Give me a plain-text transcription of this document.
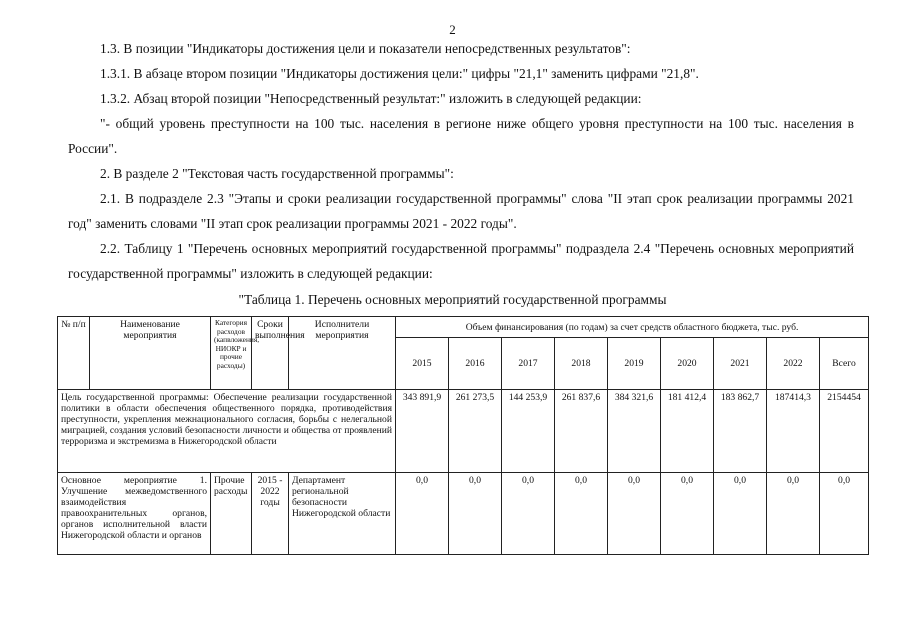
2

1.3. В позиции "Индикаторы достижения цели и показатели непосредственных результатов":

1.3.1. В абзаце втором позиции "Индикаторы достижения цели:" цифры "21,1" заменить цифрами "21,8".

1.3.2. Абзац второй позиции "Непосредственный результат:" изложить в следующей редакции:

"- общий уровень преступности на 100 тыс. населения в регионе ниже общего уровня преступности на 100 тыс. населения в России".

2. В разделе 2 "Текстовая часть государственной программы":

2.1. В подразделе 2.3 "Этапы и сроки реализации государственной программы" слова "II этап срок реализации программы 2021 год" заменить словами "II этап срок реализации программы 2021 - 2022 годы".

2.2. Таблицу 1 "Перечень основных мероприятий государственной программы" подраздела 2.4 "Перечень основных мероприятий государственной программы" изложить в следующей редакции:

"Таблица 1. Перечень основных мероприятий государственной программы
№ п/п	Наименование мероприятия	Категория расходов (капвложения, НИОКР и прочие расходы)	Сроки выполнения	Исполнители мероприятия	Объем финансирования (по годам) за счет средств областного бюджета, тыс. руб.								
					2015	2016	2017	2018	2019	2020	2021	2022	Всего
Цель государственной программы: Обеспечение реализации государственной политики в области обеспечения общественного порядка, противодействия преступности, укрепления межнационального согласия, борьбы с нелегальной миграцией, создания условий безопасности личности и общества от проявлений терроризма и экстремизма в Нижегородской области					343 891,9	261 273,5	144 253,9	261 837,6	384 321,6	181 412,4	183 862,7	187414,3	2154454
Основное мероприятие 1. Улучшение межведомственного взаимодействия правоохранительных органов, органов исполнительной власти Нижегородской области и органов		Прочие расходы	2015 - 2022 годы	Департамент региональной безопасности Нижегородской области	0,0	0,0	0,0	0,0	0,0	0,0	0,0	0,0	0,0
